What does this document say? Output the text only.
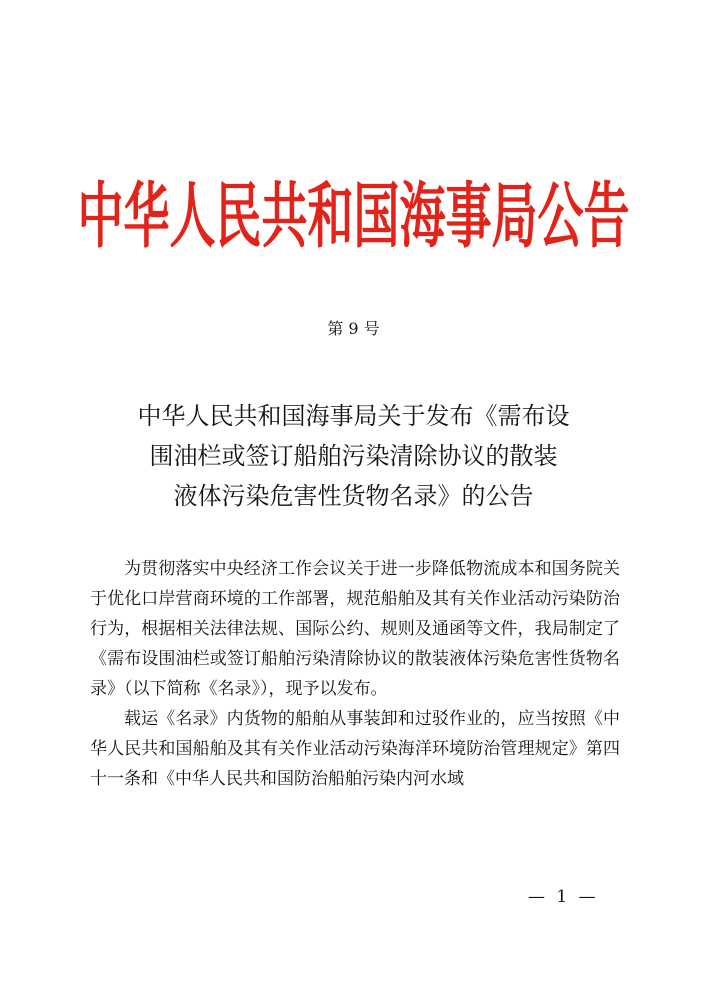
中华人民共和国海事局公告
第 9 号
中华人民共和国海事局关于发布《需布设
围油栏或签订船舶污染清除协议的散装
液体污染危害性货物名录》的公告

为贯彻落实中央经济工作会议关于进一步降低物流成本和国务院关于优化口岸营商环境的工作部署，规范船舶及其有关作业活动污染防治行为，根据相关法律法规、国际公约、规则及通函等文件，我局制定了《需布设围油栏或签订船舶污染清除协议的散装液体污染危害性货物名录》（以下简称《名录》），现予以发布。

载运《名录》内货物的船舶从事装卸和过驳作业的，应当按照《中华人民共和国船舶及其有关作业活动污染海洋环境防治管理规定》第四十一条和《中华人民共和国防治船舶污染内河水域

— 1 —
